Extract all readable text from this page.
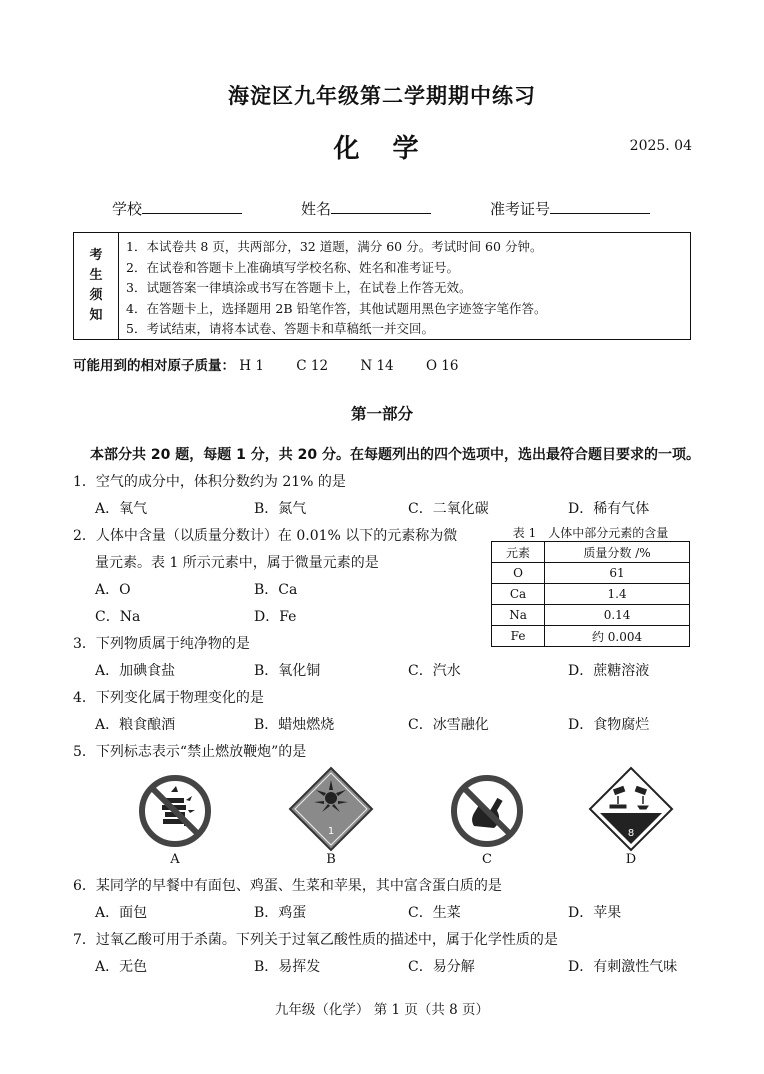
海淀区九年级第二学期期中练习
化 学	2025. 04
学校	姓名	准考证号
考
生
须
知
1．本试卷共 8 页，共两部分，32 道题，满分 60 分。考试时间 60 分钟。
2．在试卷和答题卡上准确填写学校名称、姓名和准考证号。
3．试题答案一律填涂或书写在答题卡上，在试卷上作答无效。
4．在答题卡上，选择题用 2B 铅笔作答，其他试题用黑色字迹签字笔作答。
5．考试结束，请将本试卷、答题卡和草稿纸一并交回。
可能用到的相对原子质量： H 1 C 12 N 14 O 16
第一部分
本部分共 20 题，每题 1 分，共 20 分。在每题列出的四个选项中，选出最符合题目要求的一项。
1．空气的成分中，体积分数约为 21% 的是
A．氧气	B．氮气	C．二氧化碳	D．稀有气体
2．人体中含量（以质量分数计）在 0.01% 以下的元素称为微
量元素。表 1 所示元素中，属于微量元素的是
A．O	B．Ca
C．Na	D．Fe
表 1　人体中部分元素的含量
元素	质量分数 /%
O	61
Ca	1.4
Na	0.14
Fe	约 0.004
3．下列物质属于纯净物的是
A．加碘食盐	B．氧化铜	C．汽水	D．蔗糖溶液
4．下列变化属于物理变化的是
A．粮食酿酒	B．蜡烛燃烧	C．冰雪融化	D．食物腐烂
5．下列标志表示“禁止燃放鞭炮”的是
1	8
A	B	C	D
6．某同学的早餐中有面包、鸡蛋、生菜和苹果，其中富含蛋白质的是
A．面包	B．鸡蛋	C．生菜	D．苹果
7．过氧乙酸可用于杀菌。下列关于过氧乙酸性质的描述中，属于化学性质的是
A．无色	B．易挥发	C．易分解	D．有刺激性气味
九年级（化学） 第 1 页（共 8 页）
